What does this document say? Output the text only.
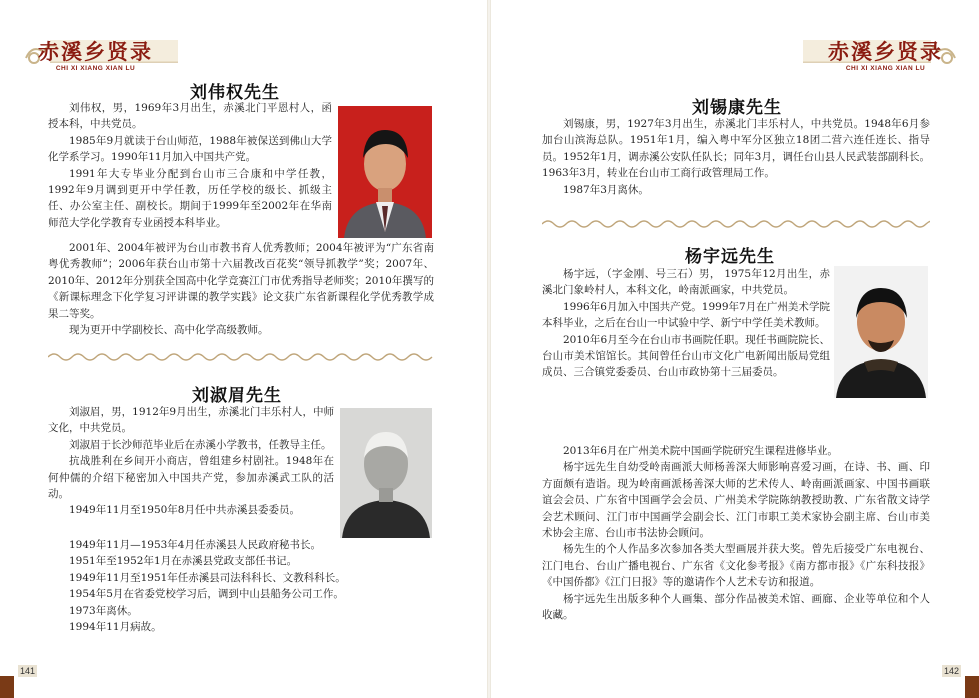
赤溪乡贤录
CHI XI XIANG XIAN LU
刘伟权先生

刘伟权，男，1969年3月出生，赤溪北门平恩村人，函授本科，中共党员。

1985年9月就读于台山师范，1988年被保送到佛山大学化学系学习。1990年11月加入中国共产党。

1991年大专毕业分配到台山市三合康和中学任教，1992年9月调到更开中学任教，历任学校的级长、抓级主任、办公室主任、副校长。期间于1999年至2002年在华南师范大学化学教育专业函授本科毕业。

2001年、2004年被评为台山市教书育人优秀教师；2004年被评为“广东省南粤优秀教师”；2006年获台山市第十六届教改百花奖“领导抓教学”奖；2007年、2010年、2012年分别获全国高中化学竞赛江门市优秀指导老师奖；2010年撰写的《新课标理念下化学复习评讲课的教学实践》论文获广东省新课程化学优秀教学成果二等奖。

现为更开中学副校长、高中化学高级教师。

刘淑眉先生

刘淑眉，男，1912年9月出生，赤溪北门丰乐村人，中师文化，中共党员。

刘淑眉于长沙师范毕业后在赤溪小学教书，任教导主任。

抗战胜利在乡间开小商店，曾组建乡村剧社。1948年在何仲儒的介绍下秘密加入中国共产党，参加赤溪武工队的活动。

1949年11月至1950年8月任中共赤溪县委委员。

1949年11月—1953年4月任赤溪县人民政府秘书长。

1951年至1952年1月在赤溪县党政支部任书记。

1949年11月至1951年任赤溪县司法科科长、文教科科长。

1954年5月在省委党校学习后，调到中山县船务公司工作。

1973年离休。

1994年11月病故。

141
赤溪乡贤录
CHI XI XIANG XIAN LU
刘锡康先生

刘锡康，男，1927年3月出生，赤溪北门丰乐村人，中共党员。1948年6月参加台山滨海总队。1951年1月，编入粤中军分区独立18团二营六连任连长、指导员。1952年1月，调赤溪公安队任队长；同年3月，调任台山县人民武装部副科长。1963年3月，转业在台山市工商行政管理局工作。

1987年3月离休。

杨宇远先生

杨宇远，（字金刚、号三石）男， 1975年12月出生，赤溪北门象岭村人，本科文化，岭南派画家，中共党员。

1996年6月加入中国共产党。1999年7月在广州美术学院本科毕业，之后在台山一中试验中学、新宁中学任美术教师。

2010年6月至今在台山市书画院任职。现任书画院院长、台山市美术馆馆长。其间曾任台山市文化广电新闻出版局党组成员、三合镇党委委员、台山市政协第十三届委员。

2013年6月在广州美术院中国画学院研究生课程进修毕业。

杨宇远先生自幼受岭南画派大师杨善深大师影响喜爱习画，在诗、书、画、印方面颇有造诣。现为岭南画派杨善深大师的艺术传人、岭南画派画家、中国书画联谊会会员、广东省中国画学会会员、广州美术学院陈纳教授助教、广东省散文诗学会艺术顾问、江门市中国画学会副会长、江门市职工美术家协会副主席、台山市美术协会主席、台山市书法协会顾问。

杨先生的个人作品多次参加各类大型画展并获大奖。曾先后接受广东电视台、江门电台、台山广播电视台、广东省《文化参考报》《南方都市报》《广东科技报》《中国侨都》《江门日报》等的邀请作个人艺术专访和报道。

杨宇远先生出版多种个人画集、部分作品被美术馆、画廊、企业等单位和个人收藏。

142
